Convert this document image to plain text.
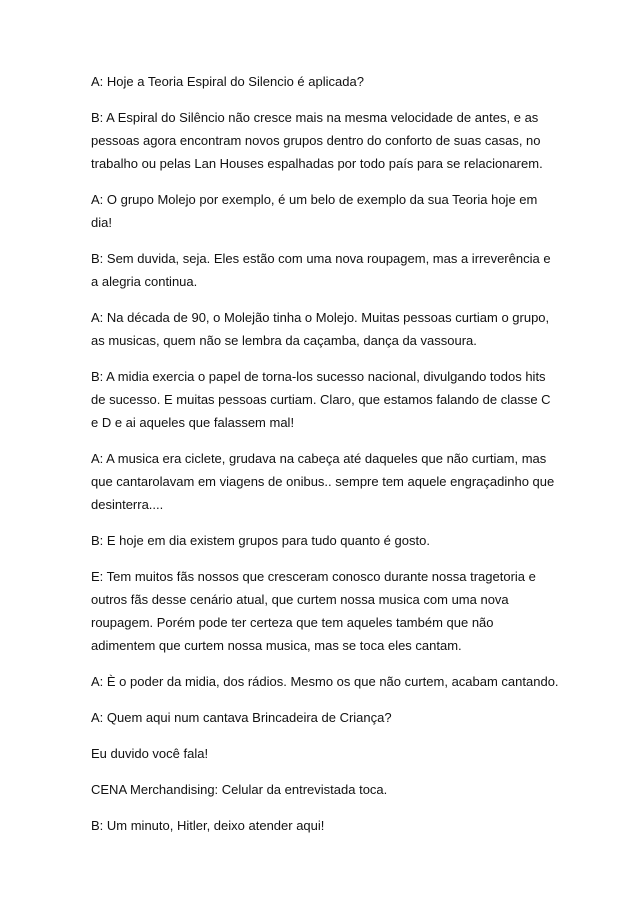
A: Hoje a Teoria Espiral do Silencio é aplicada?

B: A Espiral do Silêncio não cresce mais na mesma velocidade de antes, e as pessoas agora encontram novos grupos dentro do conforto de suas casas, no trabalho ou pelas Lan Houses espalhadas por todo país para se relacionarem.

A: O grupo Molejo por exemplo, é um belo de exemplo da sua Teoria hoje em dia!

B: Sem duvida, seja. Eles estão com uma nova roupagem, mas a irreverência e a alegria continua.

A: Na década de 90, o Molejão tinha o Molejo. Muitas pessoas curtiam o grupo, as musicas, quem não se lembra da caçamba, dança da vassoura.

B: A midia exercia o papel de torna-los sucesso nacional, divulgando todos hits de sucesso. E muitas pessoas curtiam. Claro, que estamos falando de classe C e D e ai aqueles que falassem mal!

A: A musica era ciclete, grudava na cabeça até daqueles que não curtiam, mas que cantarolavam em viagens de onibus.. sempre tem aquele engraçadinho que desinterra....

B: E hoje em dia existem grupos para tudo quanto é gosto.

E: Tem muitos fãs nossos que cresceram conosco durante nossa tragetoria e outros fãs desse cenário atual, que curtem nossa musica com uma nova roupagem. Porém pode ter certeza que tem aqueles também que não adimentem que curtem nossa musica, mas se toca eles cantam.

A: È o poder da midia, dos rádios. Mesmo os que não curtem, acabam cantando.

A: Quem aqui num cantava Brincadeira de Criança?

Eu duvido você fala!

CENA Merchandising: Celular da entrevistada toca.

B: Um minuto, Hitler, deixo atender aqui!
